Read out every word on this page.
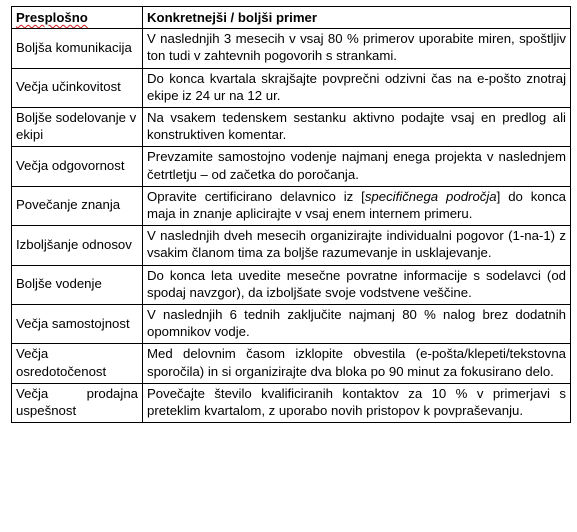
Presplošno	Konkretnejši / boljši primer
Boljša komunikacija	V naslednjih 3 mesecih v vsaj 80 % primerov uporabite miren, spoštljiv ton tudi v zahtevnih pogovorih s strankami.
Večja učinkovitost	Do konca kvartala skrajšajte povprečni odzivni čas na e-pošto znotraj ekipe iz 24 ur na 12 ur.
Boljše sodelovanje v ekipi	Na vsakem tedenskem sestanku aktivno podajte vsaj en predlog ali konstruktiven komentar.
Večja odgovornost	Prevzamite samostojno vodenje najmanj enega projekta v naslednjem četrtletju – od začetka do poročanja.
Povečanje znanja	Opravite certificirano delavnico iz [specifičnega področja] do konca maja in znanje aplicirajte v vsaj enem internem primeru.
Izboljšanje odnosov	V naslednjih dveh mesecih organizirajte individualni pogovor (1-na-1) z vsakim članom tima za boljše razumevanje in usklajevanje.
Boljše vodenje	Do konca leta uvedite mesečne povratne informacije s sodelavci (od spodaj navzgor), da izboljšate svoje vodstvene veščine.
Večja samostojnost	V naslednjih 6 tednih zaključite najmanj 80 % nalog brez dodatnih opomnikov vodje.
Večja osredotočenost	Med delovnim časom izklopite obvestila (e-pošta/klepeti/tekstovna sporočila) in si organizirajte dva bloka po 90 minut za fokusirano delo.

Večja prodajna
uspešnost	Povečajte število kvalificiranih kontaktov za 10 % v primerjavi s preteklim kvartalom, z uporabo novih pristopov k povpraševanju.
